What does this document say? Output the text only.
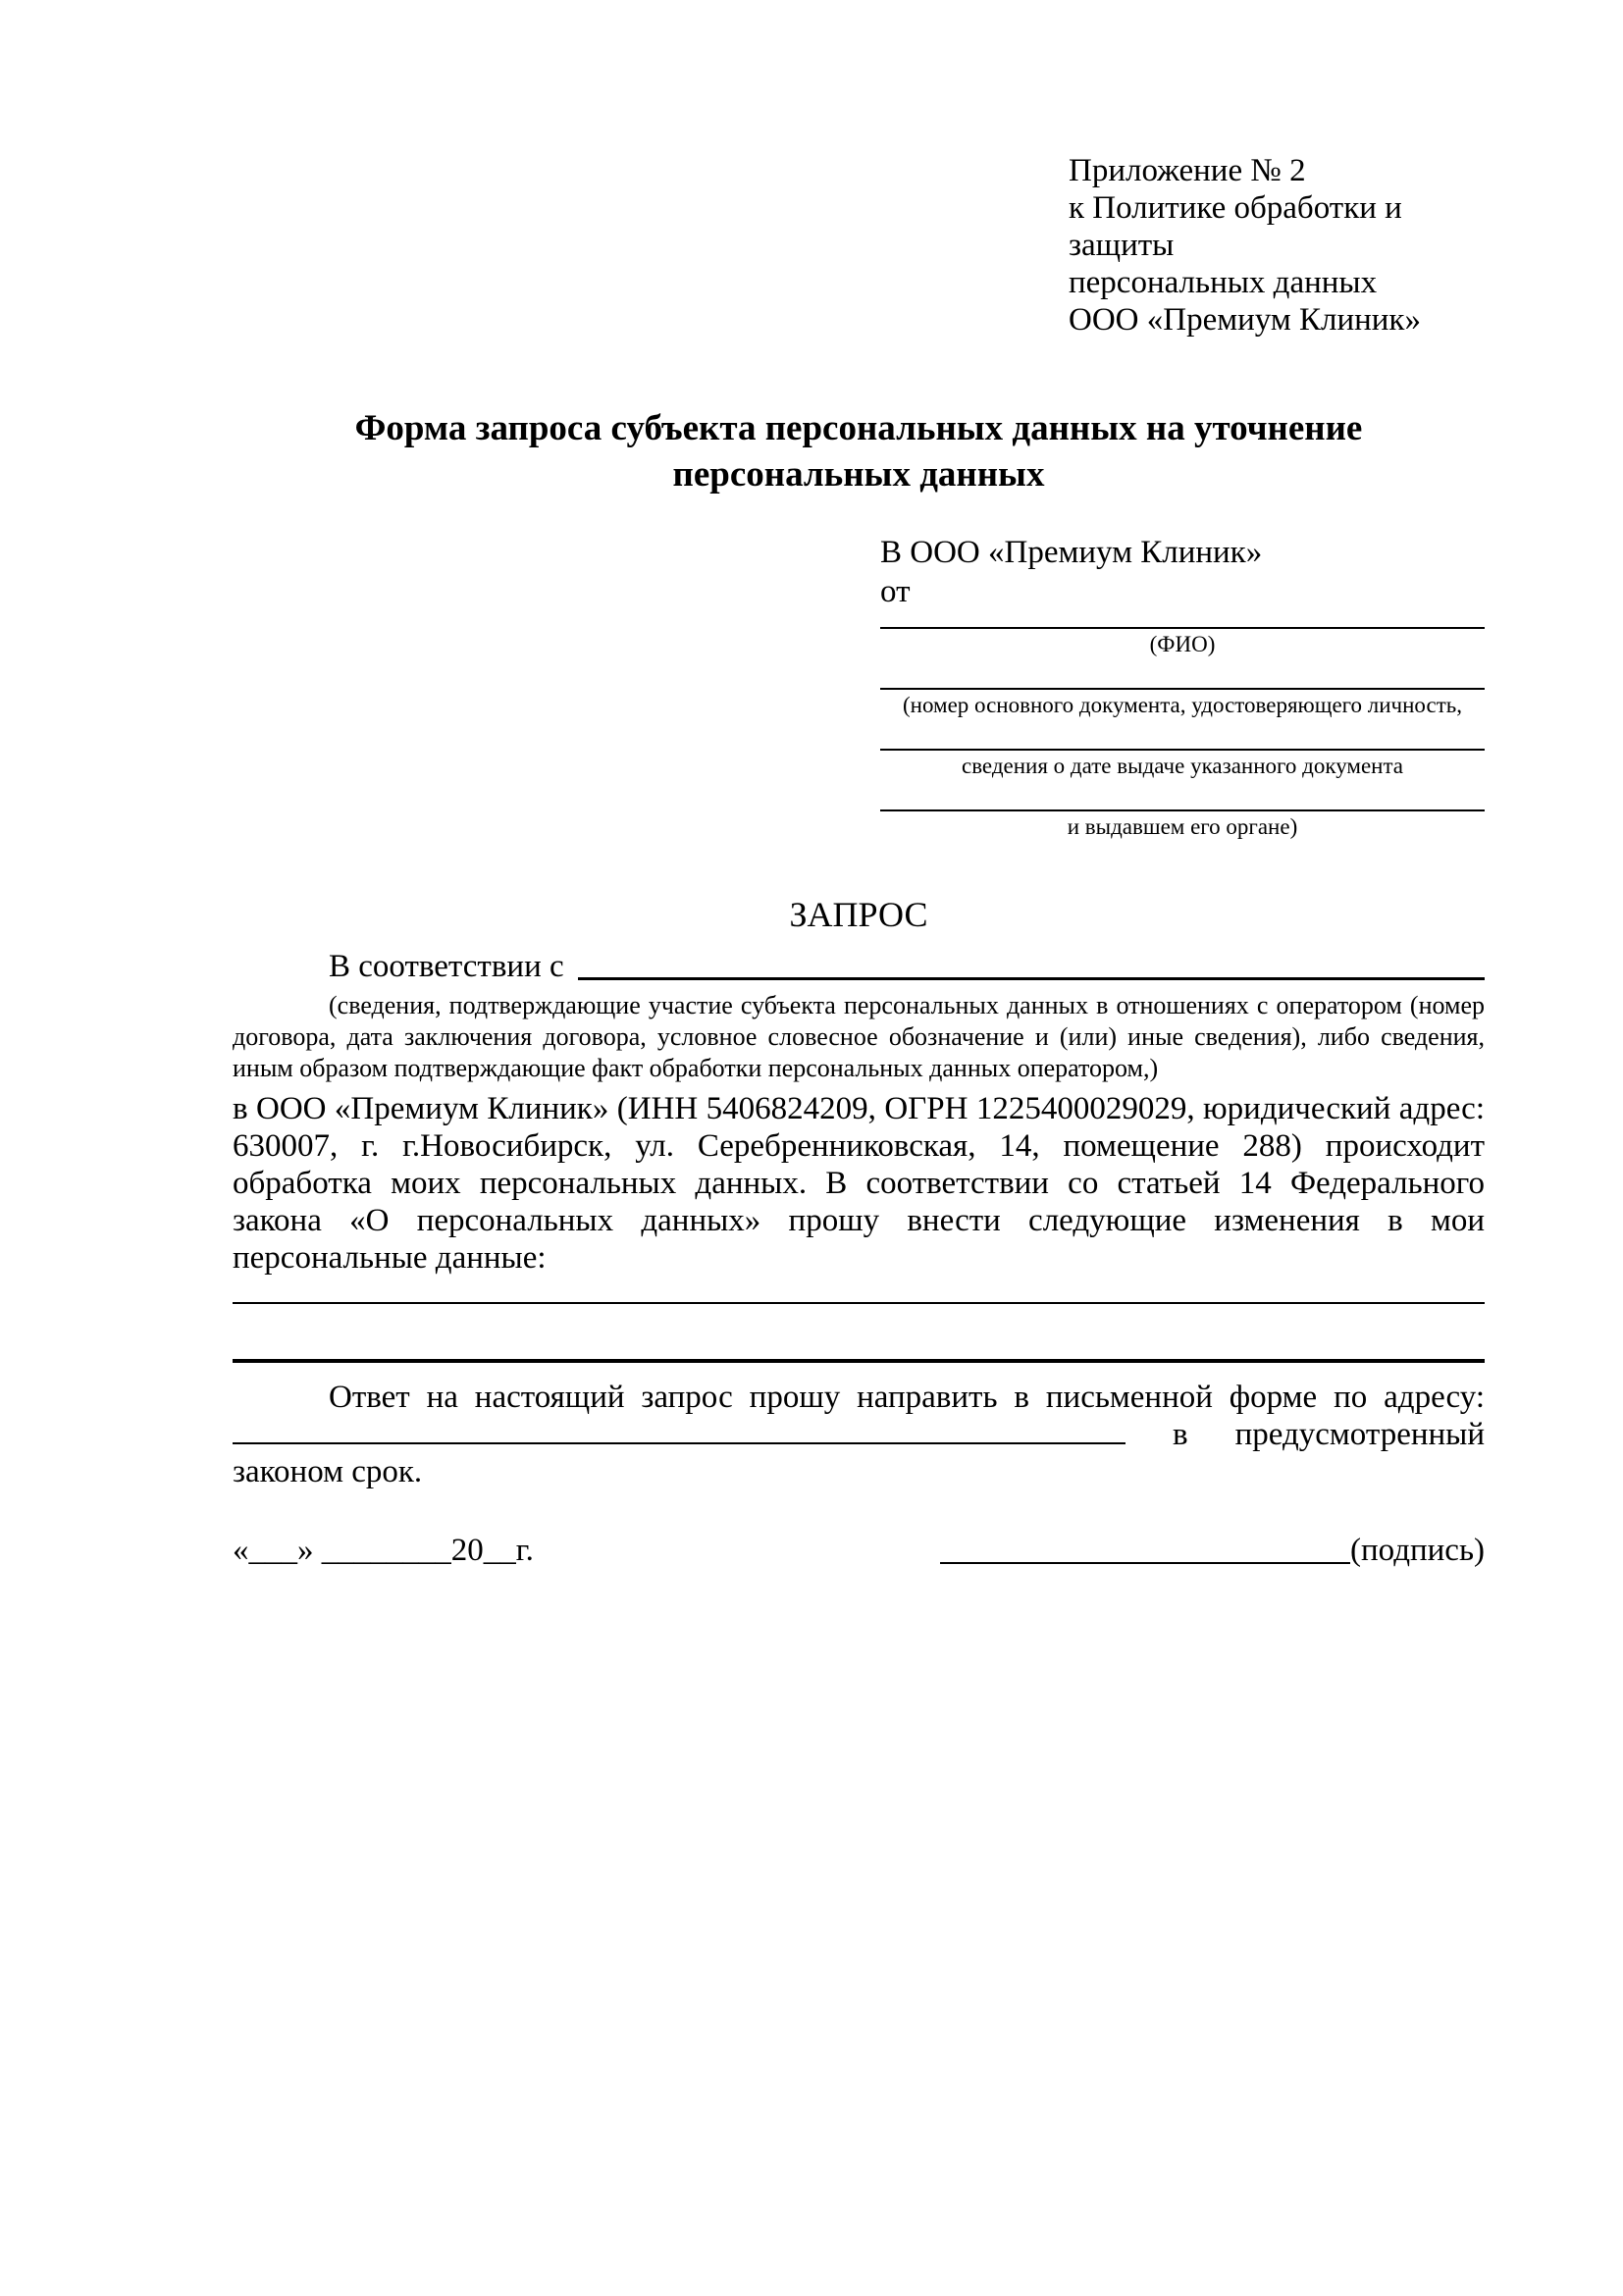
Приложение № 2
к Политике обработки и защиты
персональных данных
ООО «Премиум Клиник»
Форма запроса субъекта персональных данных на уточнение персональных данных
В ООО «Премиум Клиник»
от
(ФИО)
(номер основного документа, удостоверяющего личность,
сведения о дате выдаче указанного документа
и выдавшем его органе)
ЗАПРОС
В соответствии с

(сведения, подтверждающие участие субъекта персональных данных в отношениях с оператором (номер договора, дата заключения договора, условное словесное обозначение и (или) иные сведения), либо сведения, иным образом подтверждающие факт обработки персональных данных оператором,)

в ООО «Премиум Клиник» (ИНН 5406824209, ОГРН 1225400029029, юридический адрес: 630007, г. г.Новосибирск, ул. Серебренниковская, 14, помещение 288) происходит обработка моих персональных данных. В соответствии со статьей 14 Федерального закона «О персональных данных» прошу внести следующие изменения в мои персональные данные:

Ответ на настоящий запрос прошу направить в письменной форме по адресу:  в предусмотренный законом срок.

«___» ________20__г.	(подпись)
